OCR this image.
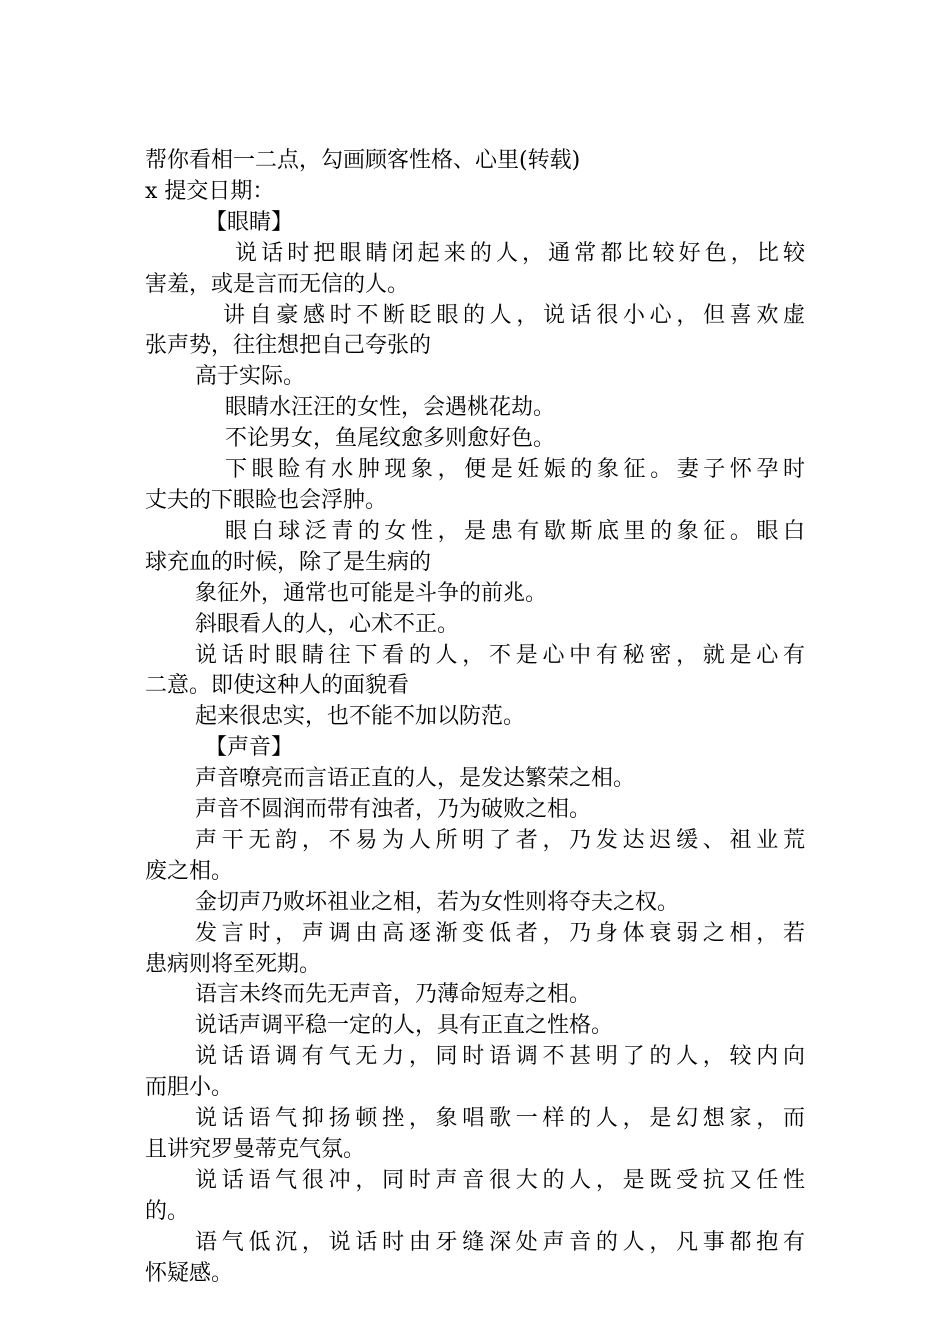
帮你看相一二点，勾画顾客性格、心里(转载)

x 提交日期：

【眼睛】

说话时把眼睛闭起来的人，通常都比较好色，比较

害羞，或是言而无信的人。

讲自豪感时不断眨眼的人，说话很小心，但喜欢虚

张声势，往往想把自己夸张的

高于实际。

眼睛水汪汪的女性，会遇桃花劫。

不论男女，鱼尾纹愈多则愈好色。

下眼睑有水肿现象，便是妊娠的象征。妻子怀孕时

丈夫的下眼睑也会浮肿。

眼白球泛青的女性，是患有歇斯底里的象征。眼白

球充血的时候，除了是生病的

象征外，通常也可能是斗争的前兆。

斜眼看人的人，心术不正。

说话时眼睛往下看的人，不是心中有秘密，就是心有

二意。即使这种人的面貌看

起来很忠实，也不能不加以防范。

【声音】

声音嘹亮而言语正直的人，是发达繁荣之相。

声音不圆润而带有浊者，乃为破败之相。

声干无韵，不易为人所明了者，乃发达迟缓、祖业荒

废之相。

金切声乃败坏祖业之相，若为女性则将夺夫之权。

发言时，声调由高逐渐变低者，乃身体衰弱之相，若

患病则将至死期。

语言未终而先无声音，乃薄命短寿之相。

说话声调平稳一定的人，具有正直之性格。

说话语调有气无力，同时语调不甚明了的人，较内向

而胆小。

说话语气抑扬顿挫，象唱歌一样的人，是幻想家，而

且讲究罗曼蒂克气氛。

说话语气很冲，同时声音很大的人，是既受抗又任性

的。

语气低沉，说话时由牙缝深处声音的人，凡事都抱有

怀疑感。
